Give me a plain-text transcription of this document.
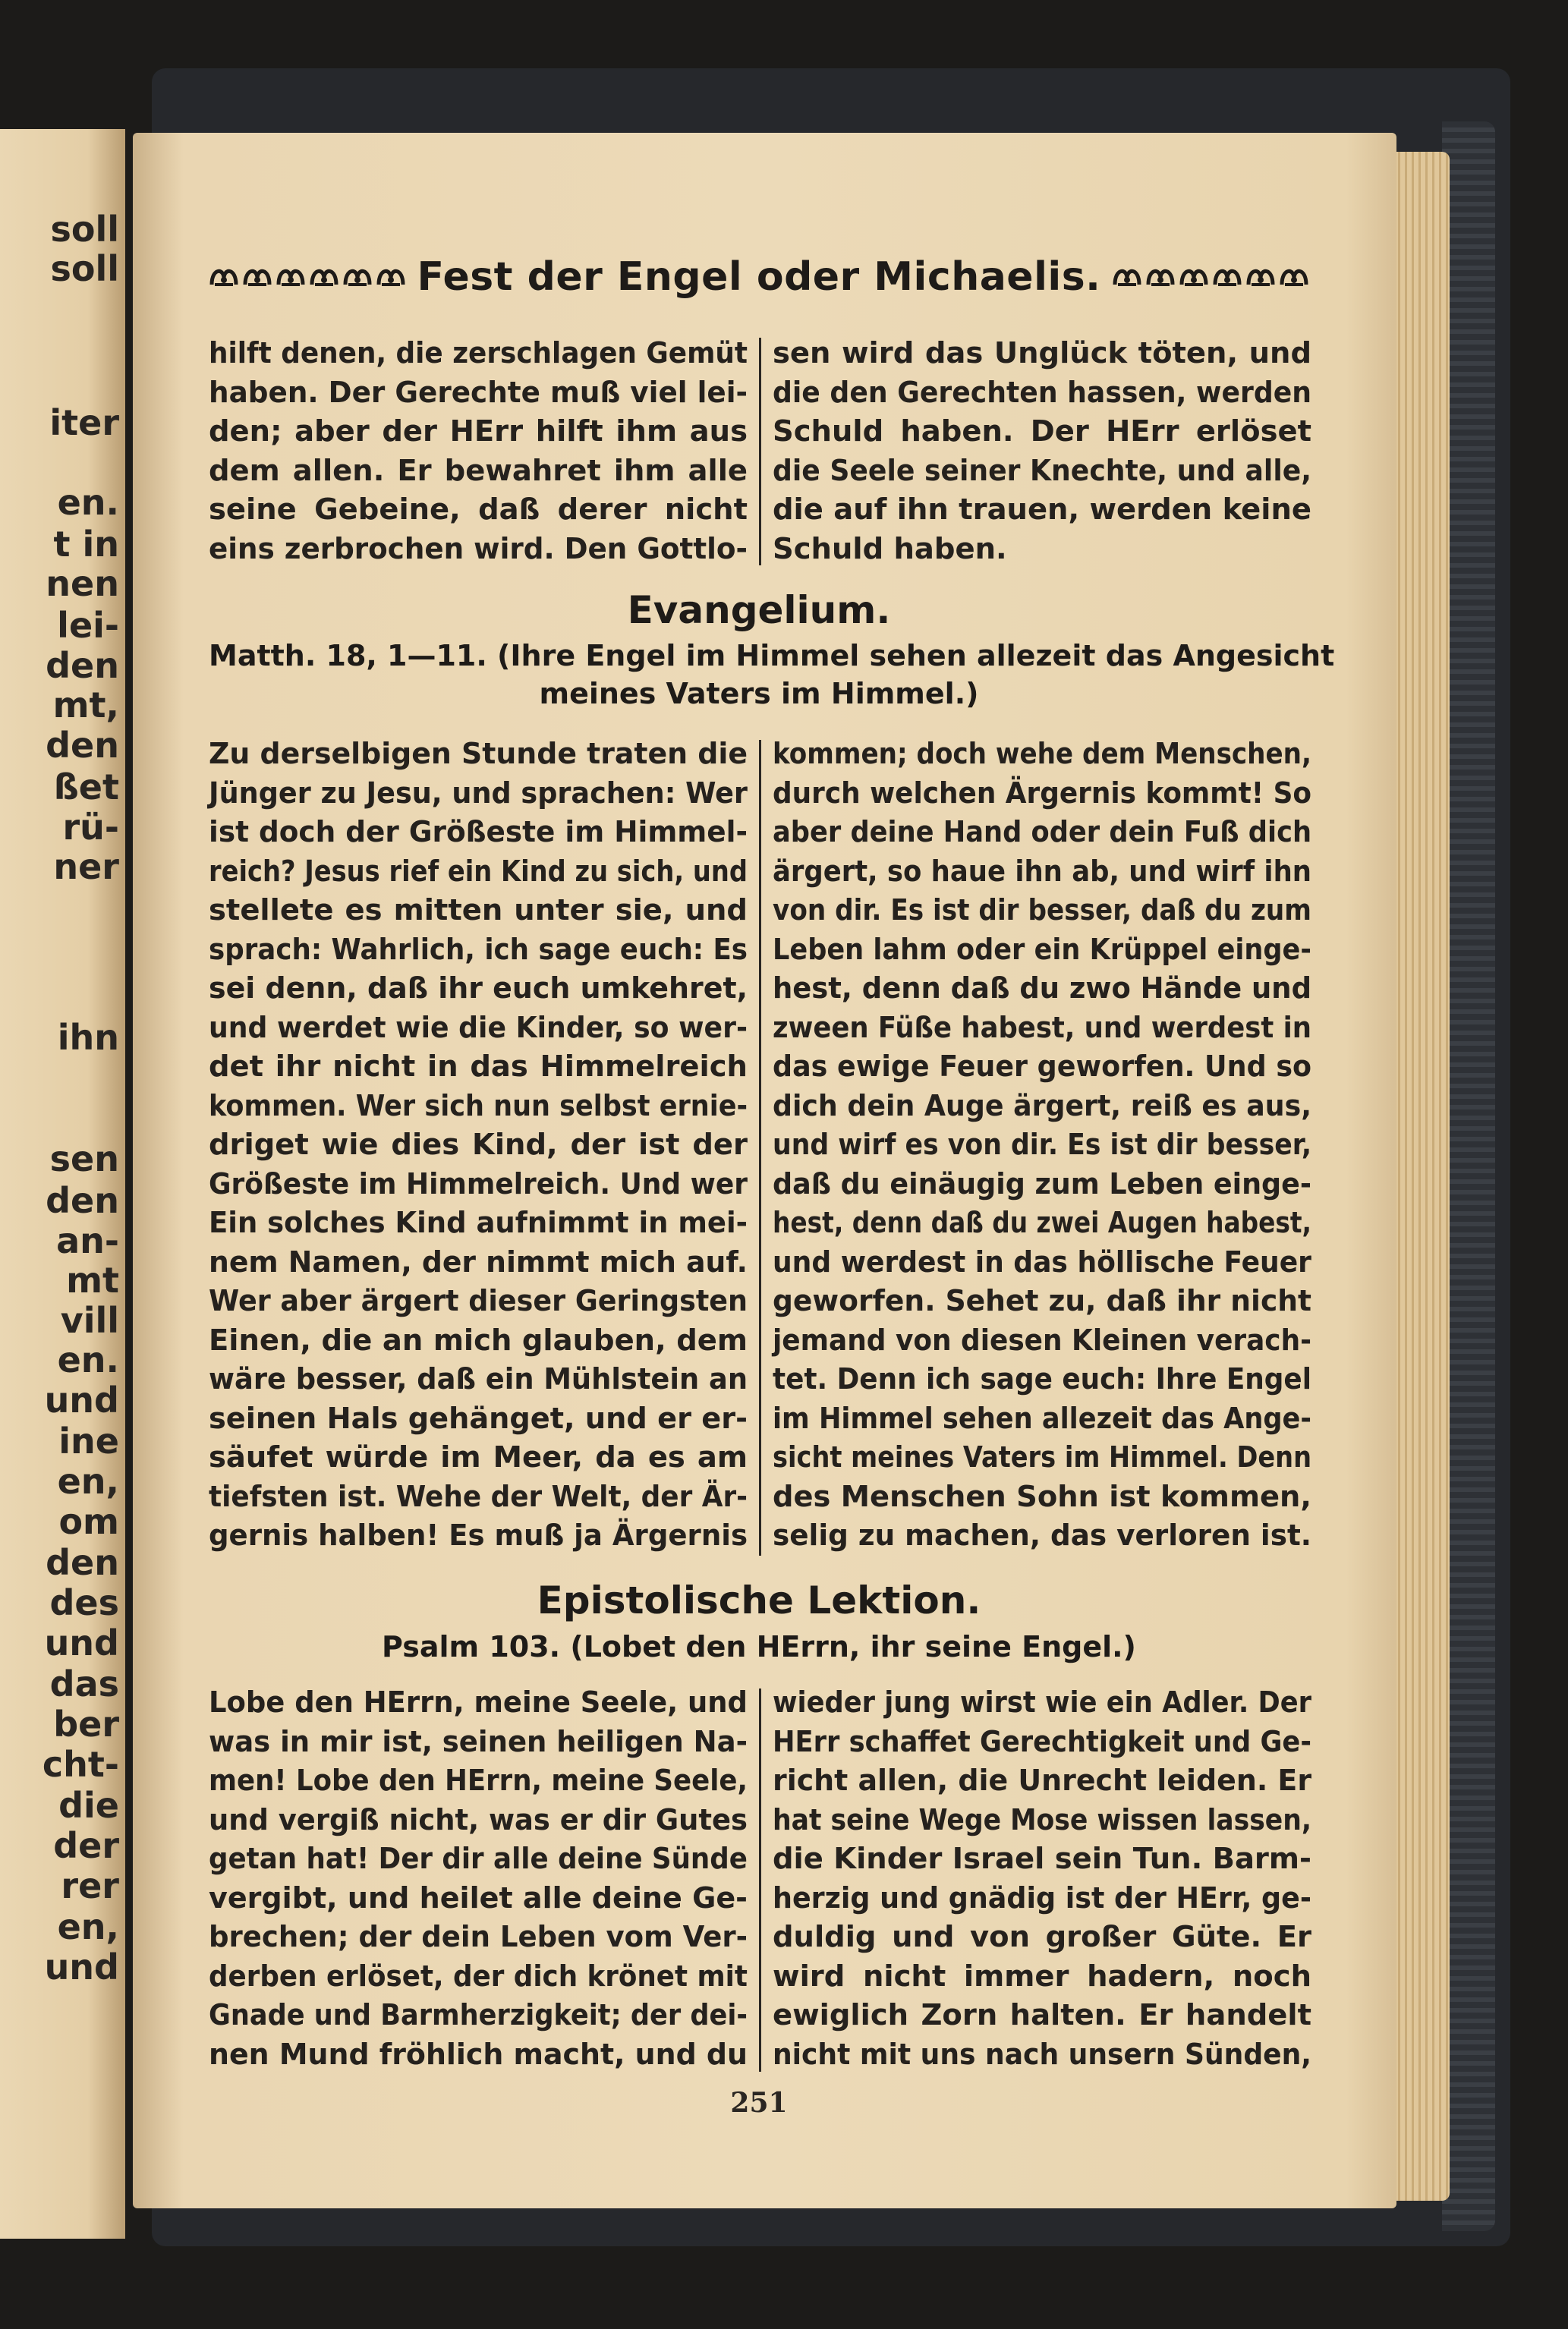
soll
soll
iter
en.
t in
nen
lei-
den
mt,
den
ßet
rü-
ner
ihn
sen
den
an-
mt
vill
en.
und
ine
en,
om
den
des
und
das
ber
cht-
die
der
rer
en,
und
Fest der Engel oder Michaelis.
hilft denen, die zerschlagen Gemüt
haben. Der Gerechte muß viel lei-
den; aber der HErr hilft ihm aus
dem allen. Er bewahret ihm alle
seine Gebeine, daß derer nicht
eins zerbrochen wird. Den Gottlo-
sen wird das Unglück töten, und
die den Gerechten hassen, werden
Schuld haben. Der HErr erlöset
die Seele seiner Knechte, und alle,
die auf ihn trauen, werden keine
Schuld haben.
Evangelium.
Matth. 18, 1—11. (Ihre Engel im Himmel sehen allezeit das Angesicht
meines Vaters im Himmel.)
Zu derselbigen Stunde traten die
Jünger zu Jesu, und sprachen: Wer
ist doch der Größeste im Himmel-
reich? Jesus rief ein Kind zu sich, und
stellete es mitten unter sie, und
sprach: Wahrlich, ich sage euch: Es
sei denn, daß ihr euch umkehret,
und werdet wie die Kinder, so wer-
det ihr nicht in das Himmelreich
kommen. Wer sich nun selbst ernie-
driget wie dies Kind, der ist der
Größeste im Himmelreich. Und wer
Ein solches Kind aufnimmt in mei-
nem Namen, der nimmt mich auf.
Wer aber ärgert dieser Geringsten
Einen, die an mich glauben, dem
wäre besser, daß ein Mühlstein an
seinen Hals gehänget, und er er-
säufet würde im Meer, da es am
tiefsten ist. Wehe der Welt, der Är-
gernis halben! Es muß ja Ärgernis
kommen; doch wehe dem Menschen,
durch welchen Ärgernis kommt! So
aber deine Hand oder dein Fuß dich
ärgert, so haue ihn ab, und wirf ihn
von dir. Es ist dir besser, daß du zum
Leben lahm oder ein Krüppel einge-
hest, denn daß du zwo Hände und
zween Füße habest, und werdest in
das ewige Feuer geworfen. Und so
dich dein Auge ärgert, reiß es aus,
und wirf es von dir. Es ist dir besser,
daß du einäugig zum Leben einge-
hest, denn daß du zwei Augen habest,
und werdest in das höllische Feuer
geworfen. Sehet zu, daß ihr nicht
jemand von diesen Kleinen verach-
tet. Denn ich sage euch: Ihre Engel
im Himmel sehen allezeit das Ange-
sicht meines Vaters im Himmel. Denn
des Menschen Sohn ist kommen,
selig zu machen, das verloren ist.
Epistolische Lektion.
Psalm 103. (Lobet den HErrn, ihr seine Engel.)
Lobe den HErrn, meine Seele, und
was in mir ist, seinen heiligen Na-
men! Lobe den HErrn, meine Seele,
und vergiß nicht, was er dir Gutes
getan hat! Der dir alle deine Sünde
vergibt, und heilet alle deine Ge-
brechen; der dein Leben vom Ver-
derben erlöset, der dich krönet mit
Gnade und Barmherzigkeit; der dei-
nen Mund fröhlich macht, und du
wieder jung wirst wie ein Adler. Der
HErr schaffet Gerechtigkeit und Ge-
richt allen, die Unrecht leiden. Er
hat seine Wege Mose wissen lassen,
die Kinder Israel sein Tun. Barm-
herzig und gnädig ist der HErr, ge-
duldig und von großer Güte. Er
wird nicht immer hadern, noch
ewiglich Zorn halten. Er handelt
nicht mit uns nach unsern Sünden,
251
